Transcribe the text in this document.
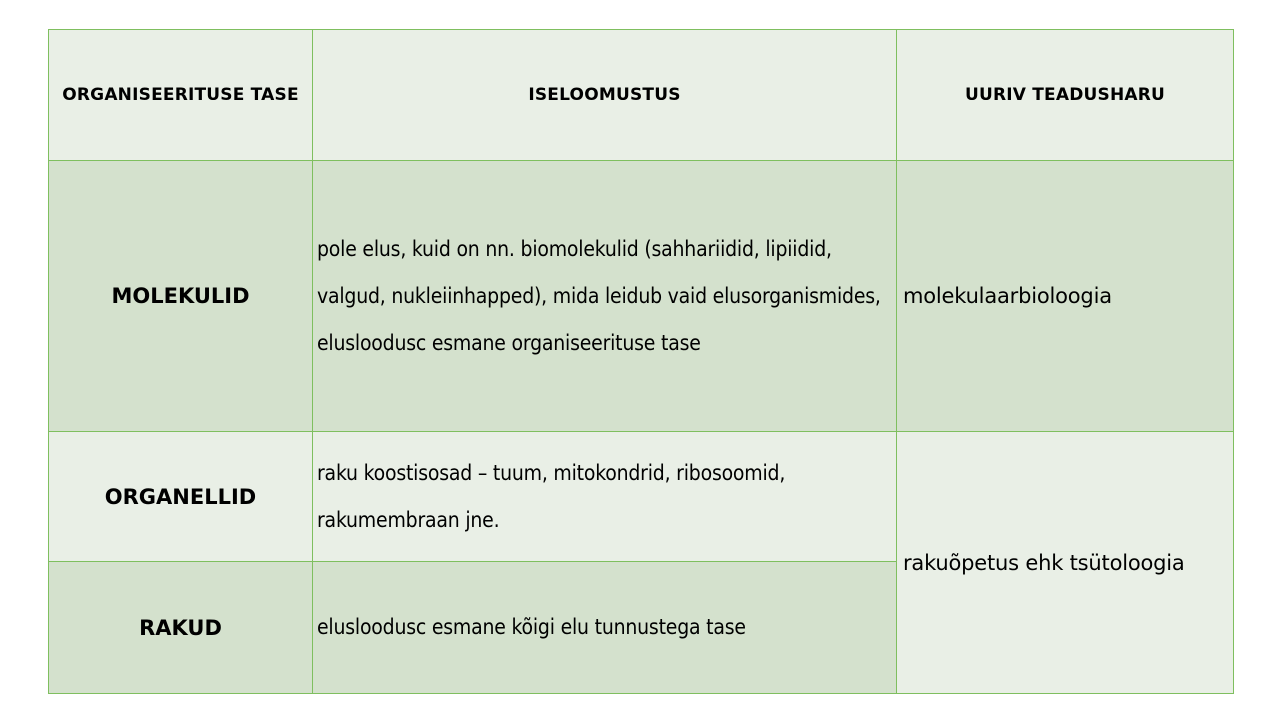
ORGANISEERITUSE TASE	ISELOOMUSTUS	UURIV TEADUSHARU
MOLEKULID	pole elus, kuid on nn. biomolekulid (sahhariidid, lipiidid, valgud, nukleiinhapped), mida leidub vaid elusorganismides, elusloodusc esmane organiseerituse tase	molekulaarbioloogia

ORGANELLID	raku koostisosad – tuum, mitokondrid, ribosoomid, rakumembraan jne.	rakuõpetus ehk tsütoloogia

RAKUD	elusloodusc esmane kõigi elu tunnustega tase	
